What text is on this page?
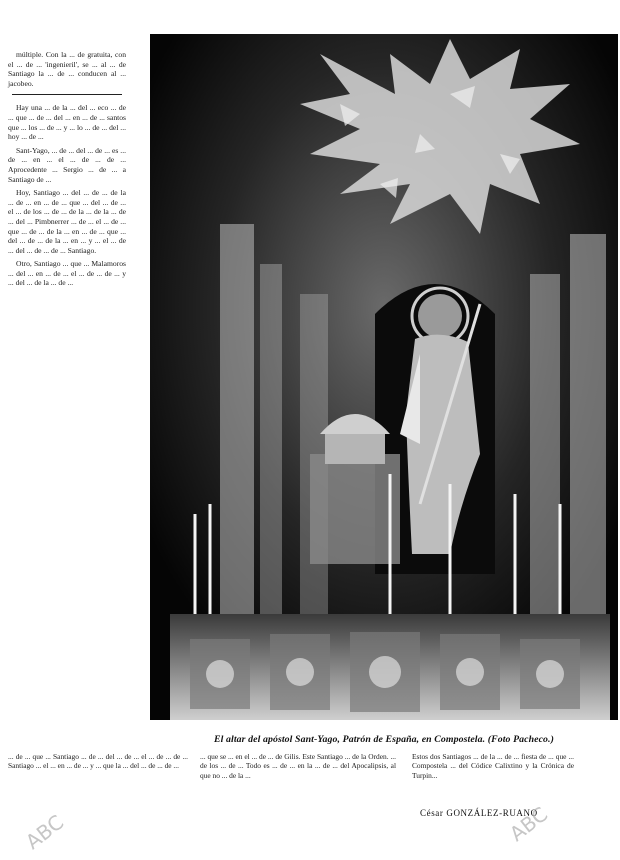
múltiple. Con la ... de gratuita, con el ... de ... 'ingenieril', se ... al ... de Santiago la ... de ... conducen al ... jacobeo.

Hay una ... de la ... del ... eco ... de ... que ... de ... del ... en ... de ... santos que ... los ... de ... y ... lo ... de ... del ... hoy ... de ...

Sant-Yago, ... de ... del ... de ... es ... de ... en ... el ... de ... de ... Aprocedente ... Sergio ... de ... a Santiago de ...

Hoy, Santiago ... del ... de ... de la ... de ... en ... de ... que ... del ... de ... el ... de los ... de ... de la ... de la ... de ... del ... Pimbnerrer ... de ... el ... de ... que ... de ... de la ... en ... de ... que ... del ... de ... de la ... en ... y ... el ... de ... del ... de ... de ... Santiago.

Otro, Santiago ... que ... Malamoros ... del ... en ... de ... el ... de ... de ... y ... del ... de la ... de ...

El altar del apóstol Sant-Yago, Patrón de España, en Compostela. (Foto Pacheco.)

... de ... que ... Santiago ... de ... del ... de ... el ... de ... de ... Santiago ... el ... en ... de ... y ... que la ... del ... de ... de ...

... que se ... en el ... de ... de Gilis. Este Santiago ... de la Orden. ... de los ... de ... Todo es ... de ... en la ... de ... del Apocalipsis, al que no ... de la ...

Estos dos Santiagos ... de la ... de ... fiesta de ... que ... Compostela ... del Códice Calixtino y la Crónica de Turpin...

César GONZÁLEZ-RUANO
ABC	ABC
